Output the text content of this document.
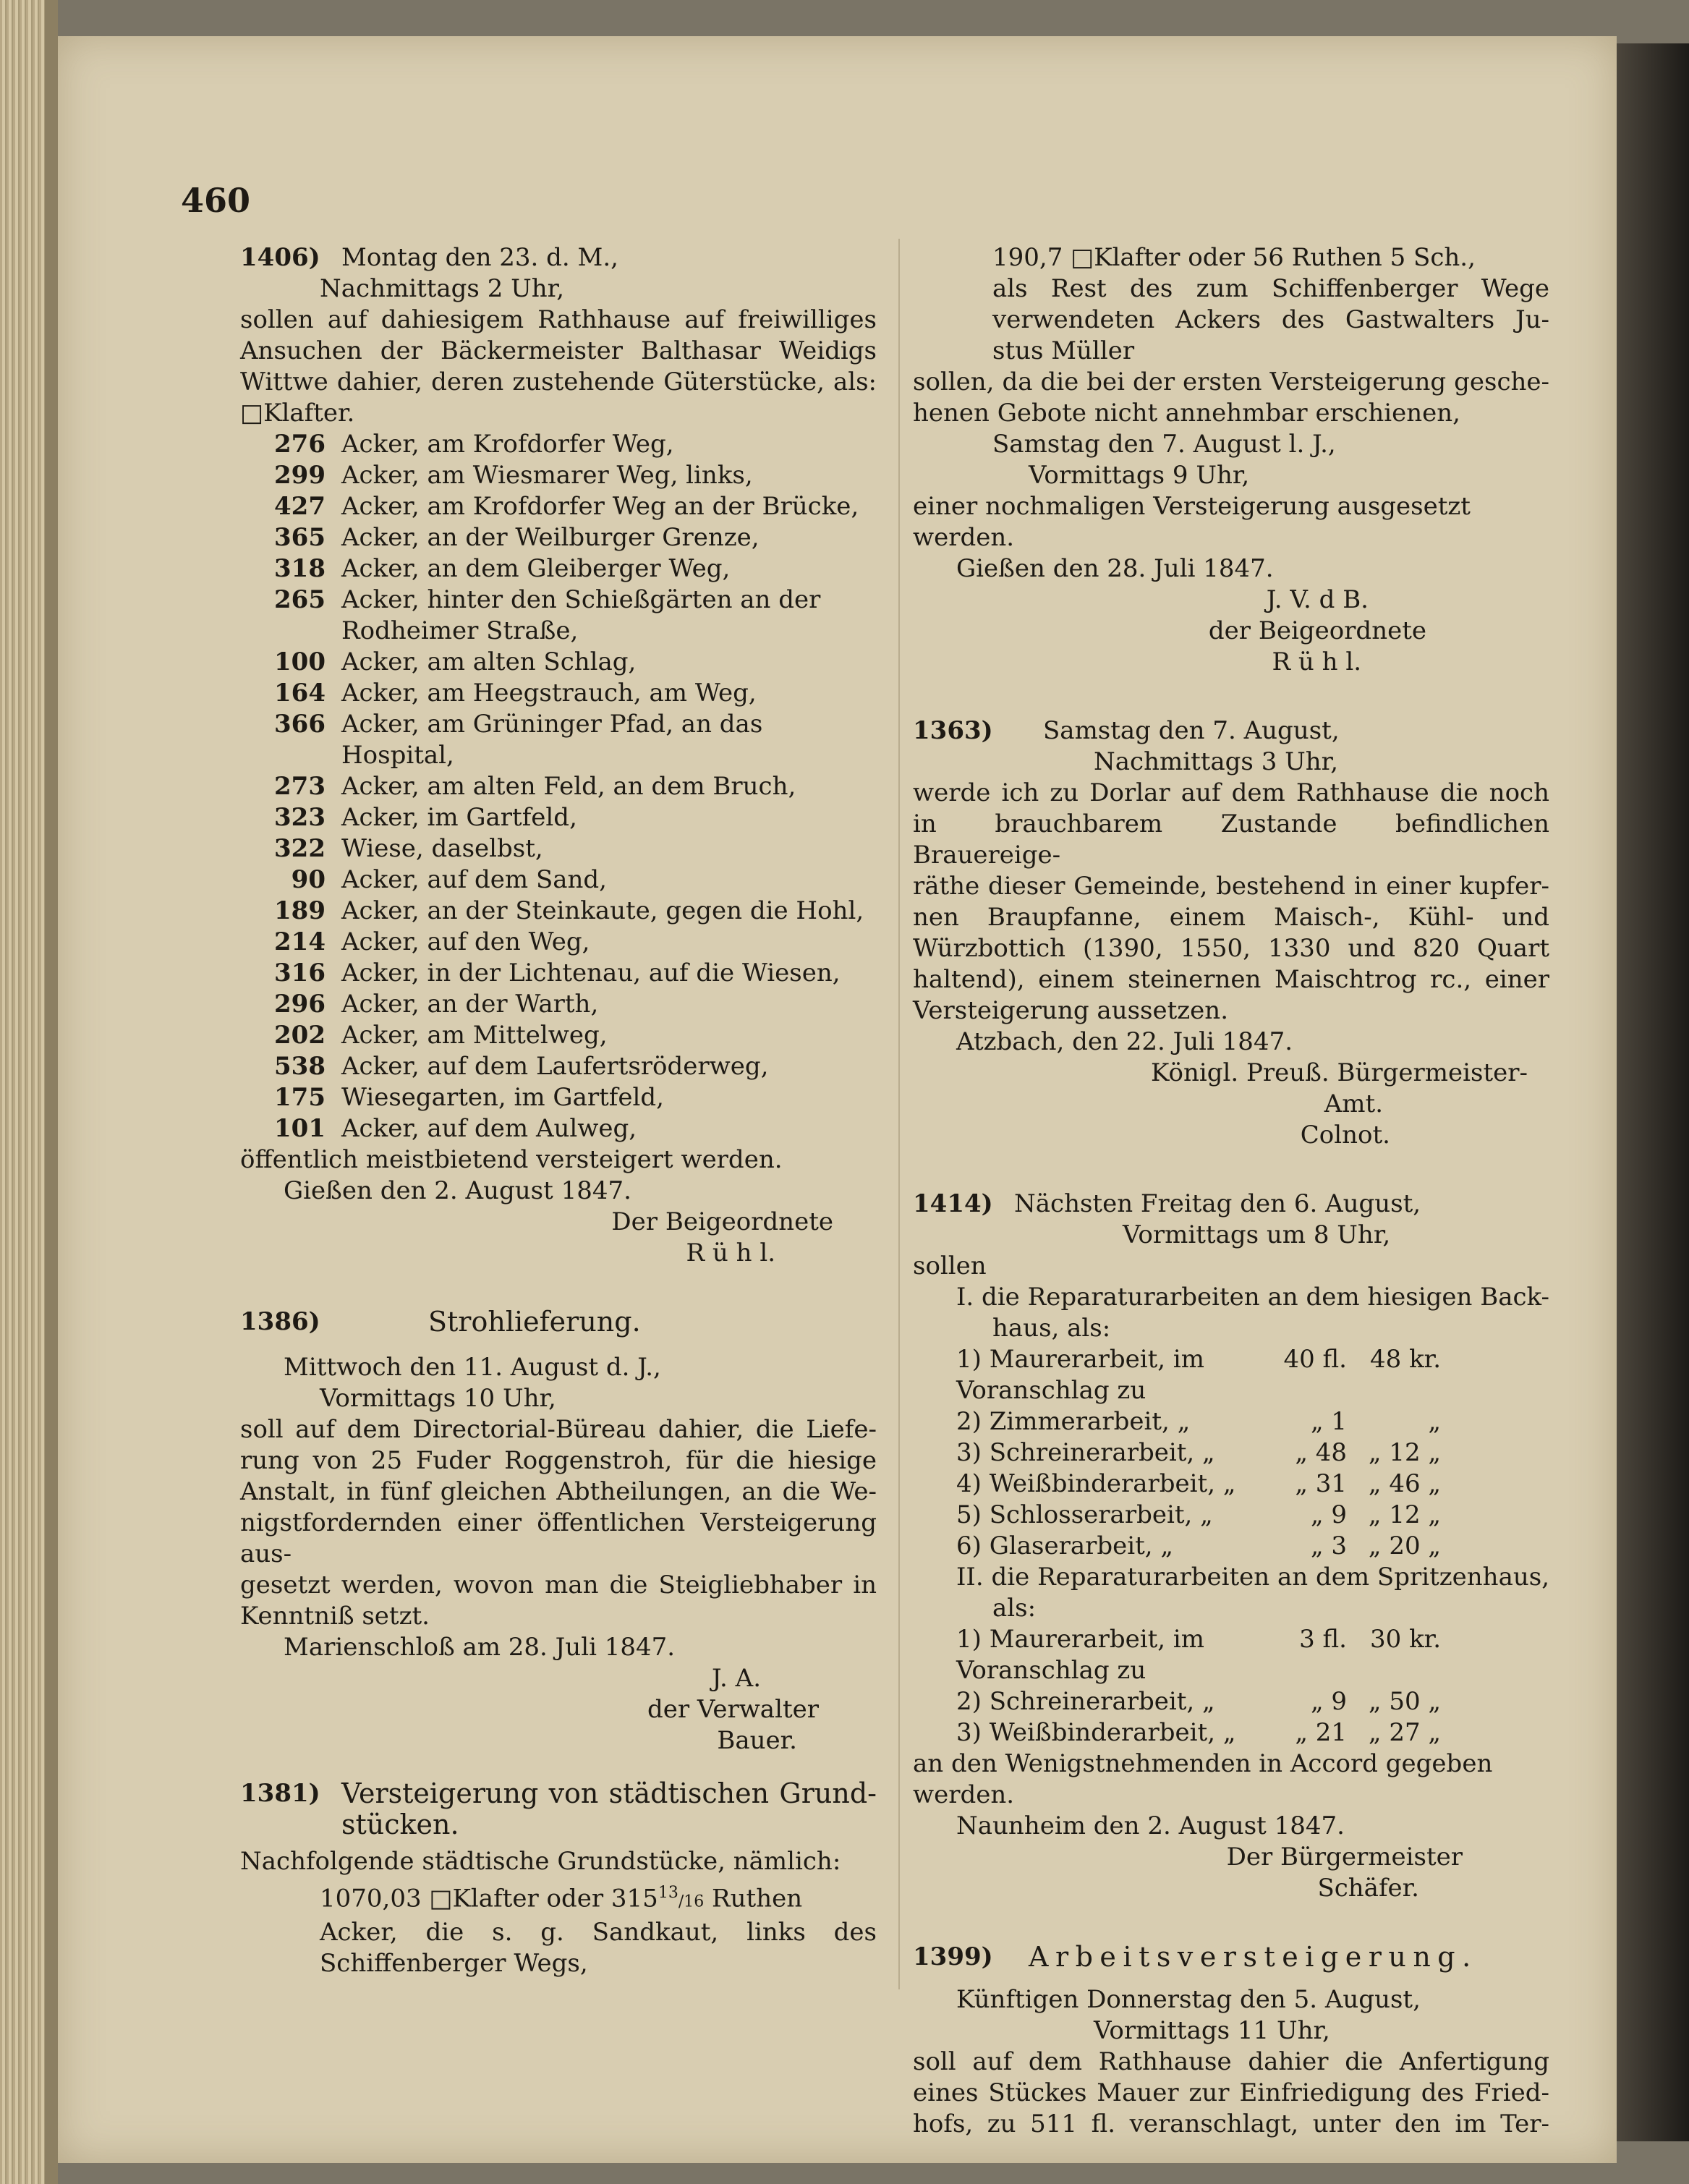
460
1406) Montag den 23. d. M.,

Nachmittags 2 Uhr,

sollen auf dahiesigem Rathhause auf freiwilliges

Ansuchen der Bäckermeister Balthasar Weidigs

Wittwe dahier, deren zustehende Güterstücke, als:

□Klafter.

276 Acker, am Krofdorfer Weg,
299 Acker, am Wiesmarer Weg, links,
427 Acker, am Krofdorfer Weg an der Brücke,
365 Acker, an der Weilburger Grenze,
318 Acker, an dem Gleiberger Weg,
265 Acker, hinter den Schießgärten an der Rodheimer Straße,
100 Acker, am alten Schlag,
164 Acker, am Heegstrauch, am Weg,
366 Acker, am Grüninger Pfad, an das Hospital,
273 Acker, am alten Feld, an dem Bruch,
323 Acker, im Gartfeld,
322 Wiese, daselbst,
90 Acker, auf dem Sand,
189 Acker, an der Steinkaute, gegen die Hohl,
214 Acker, auf den Weg,
316 Acker, in der Lichtenau, auf die Wiesen,
296 Acker, an der Warth,
202 Acker, am Mittelweg,
538 Acker, auf dem Laufertsröderweg,
175 Wiesegarten, im Gartfeld,
101 Acker, auf dem Aulweg,

öffentlich meistbietend versteigert werden.

Gießen den 2. August 1847.

Der Beigeordnete

R ü h l.

1386)	Strohlieferung.

Mittwoch den 11. August d. J.,

Vormittags 10 Uhr,

soll auf dem Directorial-Büreau dahier, die Liefe-

rung von 25 Fuder Roggenstroh, für die hiesige

Anstalt, in fünf gleichen Abtheilungen, an die We-

nigstfordernden einer öffentlichen Versteigerung aus-

gesetzt werden, wovon man die Steigliebhaber in

Kenntniß setzt.

Marienschloß am 28. Juli 1847.

J. A.

der Verwalter

Bauer.

1381) Versteigerung von städtischen Grund-

stücken.

Nachfolgende städtische Grundstücke, nämlich:

1070,03 □Klafter oder $315^{13}/16$ Ruthen

Acker, die s. g. Sandkaut, links des

Schiffenberger Wegs,

190,7 □Klafter oder 56 Ruthen 5 Sch.,

als Rest des zum Schiffenberger Wege

verwendeten Ackers des Gastwalters Ju-

stus Müller

sollen, da die bei der ersten Versteigerung gesche-

henen Gebote nicht annehmbar erschienen,

Samstag den 7. August l. J.,

Vormittags 9 Uhr,

einer nochmaligen Versteigerung ausgesetzt werden.

Gießen den 28. Juli 1847.

J. V. d B.

der Beigeordnete

R ü h l.

1363)	Samstag den 7. August,

Nachmittags 3 Uhr,

werde ich zu Dorlar auf dem Rathhause die noch

in brauchbarem Zustande befindlichen Brauereige-

räthe dieser Gemeinde, bestehend in einer kupfer-

nen Braupfanne, einem Maisch-, Kühl- und

Würzbottich (1390, 1550, 1330 und 820 Quart

haltend), einem steinernen Maischtrog rc., einer

Versteigerung aussetzen.

Atzbach, den 22. Juli 1847.

Königl. Preuß. Bürgermeister-

Amt.

Colnot.

1414) Nächsten Freitag den 6. August,

Vormittags um 8 Uhr,

sollen

I. die Reparaturarbeiten an dem hiesigen Back-

haus, als:

1) Maurerarbeit, im Voranschlag zu
40 fl. 48 kr.
2) Zimmerarbeit, „	„ 1	„
3) Schreinerarbeit, „	„ 48 „ 12 „
4) Weißbinderarbeit, „	„ 31 „ 46 „
5) Schlosserarbeit, „	„ 9 „ 12 „
6) Glaserarbeit, „	„ 3 „ 20 „

II. die Reparaturarbeiten an dem Spritzenhaus,

als:

1) Maurerarbeit, im Voranschlag zu
3 fl. 30 kr.
2) Schreinerarbeit, „	„ 9 „ 50 „
3) Weißbinderarbeit, „	„ 21 „ 27 „

an den Wenigstnehmenden in Accord gegeben werden.

Naunheim den 2. August 1847.

Der Bürgermeister

Schäfer.

1399)	Arbeitsversteigerung.

Künftigen Donnerstag den 5. August,

Vormittags 11 Uhr,

soll auf dem Rathhause dahier die Anfertigung

eines Stückes Mauer zur Einfriedigung des Fried-

hofs, zu 511 fl. veranschlagt, unter den im Ter-
